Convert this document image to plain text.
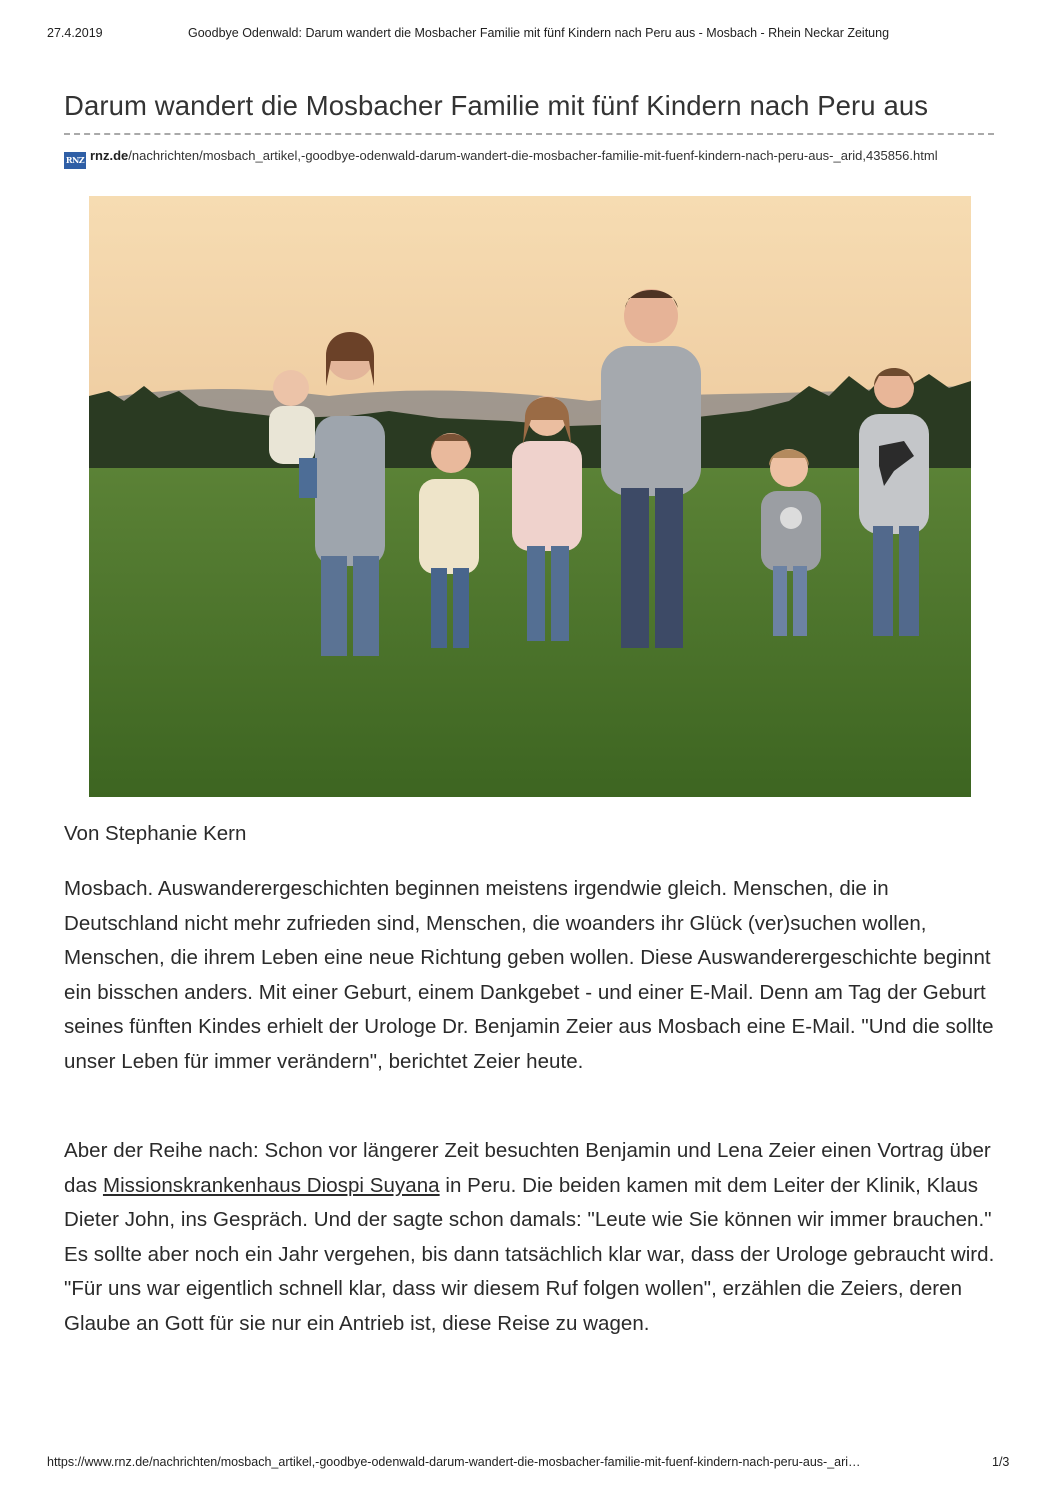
27.4.2019	Goodbye Odenwald: Darum wandert die Mosbacher Familie mit fünf Kindern nach Peru aus - Mosbach - Rhein Neckar Zeitung
Darum wandert die Mosbacher Familie mit fünf Kindern nach Peru aus
RNZ rnz.de/nachrichten/mosbach_artikel,-goodbye-odenwald-darum-wandert-die-mosbacher-familie-mit-fuenf-kindern-nach-peru-aus-_arid,435856.html

Von Stephanie Kern

Mosbach. Auswanderergeschichten beginnen meistens irgendwie gleich. Menschen, die in Deutschland nicht mehr zufrieden sind, Menschen, die woanders ihr Glück (ver)suchen wollen, Menschen, die ihrem Leben eine neue Richtung geben wollen. Diese Auswanderergeschichte beginnt ein bisschen anders. Mit einer Geburt, einem Dankgebet - und einer E-Mail. Denn am Tag der Geburt seines fünften Kindes erhielt der Urologe Dr. Benjamin Zeier aus Mosbach eine E-Mail. "Und die sollte unser Leben für immer verändern", berichtet Zeier heute.

Aber der Reihe nach: Schon vor längerer Zeit besuchten Benjamin und Lena Zeier einen Vortrag über das Missionskrankenhaus Diospi Suyana in Peru. Die beiden kamen mit dem Leiter der Klinik, Klaus Dieter John, ins Gespräch. Und der sagte schon damals: "Leute wie Sie können wir immer brauchen." Es sollte aber noch ein Jahr vergehen, bis dann tatsächlich klar war, dass der Urologe gebraucht wird. "Für uns war eigentlich schnell klar, dass wir diesem Ruf folgen wollen", erzählen die Zeiers, deren Glaube an Gott für sie nur ein Antrieb ist, diese Reise zu wagen.

https://www.rnz.de/nachrichten/mosbach_artikel,-goodbye-odenwald-darum-wandert-die-mosbacher-familie-mit-fuenf-kindern-nach-peru-aus-_ari…	1/3
